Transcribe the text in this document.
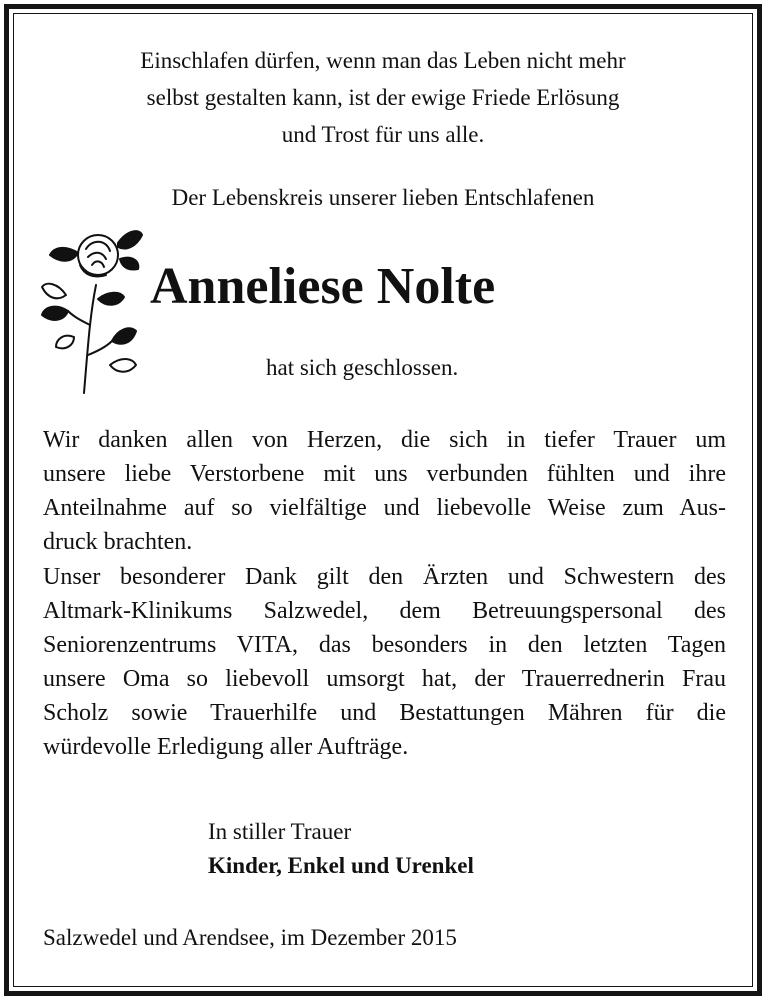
Einschlafen dürfen, wenn man das Leben nicht mehr
selbst gestalten kann, ist der ewige Friede Erlösung
und Trost für uns alle.
Der Lebenskreis unserer lieben Entschlafenen
Anneliese Nolte
hat sich geschlossen.
Wir danken allen von Herzen, die sich in tiefer Trauer um
unsere liebe Verstorbene mit uns verbunden fühlten und ihre
Anteilnahme auf so vielfältige und liebevolle Weise zum Aus-
druck brachten.
Unser besonderer Dank gilt den Ärzten und Schwestern des
Altmark-Klinikums Salzwedel, dem Betreuungspersonal des
Seniorenzentrums VITA, das besonders in den letzten Tagen
unsere Oma so liebevoll umsorgt hat, der Trauerrednerin Frau
Scholz sowie Trauerhilfe und Bestattungen Mähren für die
würdevolle Erledigung aller Aufträge.
In stiller Trauer
Kinder, Enkel und Urenkel
Salzwedel und Arendsee, im Dezember 2015
